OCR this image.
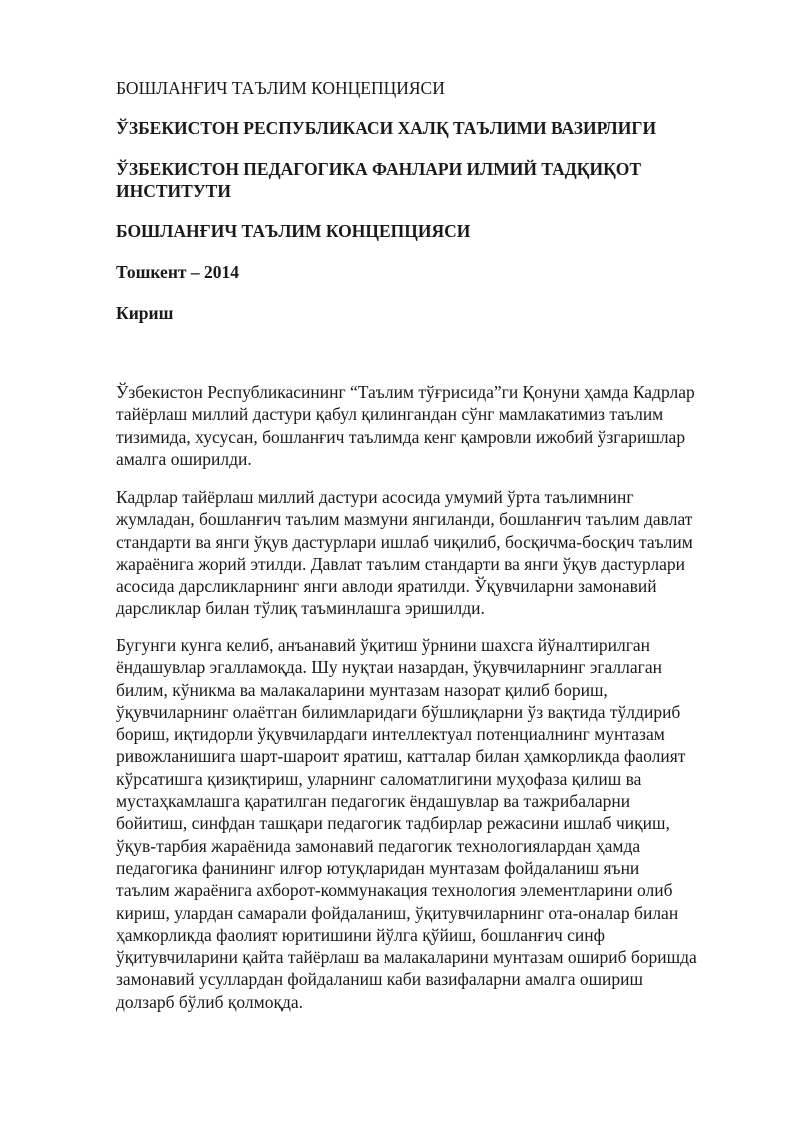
БОШЛАНҒИЧ ТАЪЛИМ КОНЦЕПЦИЯСИ
ЎЗБЕКИСТОН РЕСПУБЛИКАСИ ХАЛҚ ТАЪЛИМИ ВАЗИРЛИГИ
ЎЗБЕКИСТОН ПЕДАГОГИКА ФАНЛАРИ ИЛМИЙ ТАДҚИҚОТ ИНСТИТУТИ
БОШЛАНҒИЧ ТАЪЛИМ КОНЦЕПЦИЯСИ
Тошкент – 2014
Кириш

Ўзбекистон Республикасининг “Таълим тўғрисида”ги Қонуни ҳамда Кадрлар
тайёрлаш миллий дастури қабул қилингандан сўнг мамлакатимиз таълим
тизимида, хусусан, бошланғич таълимда кенг қамровли ижобий ўзгаришлар
амалга оширилди.

Кадрлар тайёрлаш миллий дастури асосида умумий ўрта таълимнинг
жумладан, бошланғич таълим мазмуни янгиланди, бошланғич таълим давлат
стандарти ва янги ўқув дастурлари ишлаб чиқилиб, босқичма-босқич таълим
жараёнига жорий этилди. Давлат таълим стандарти ва янги ўқув дастурлари
асосида дарсликларнинг янги авлоди яратилди. Ўқувчиларни замонавий
дарсликлар билан тўлиқ таъминлашга эришилди.

Бугунги кунга келиб, анъанавий ўқитиш ўрнини шахсга йўналтирилган
ёндашувлар эгалламоқда. Шу нуқтаи назардан, ўқувчиларнинг эгаллаган
билим, кўникма ва малакаларини мунтазам назорат қилиб бориш,
ўқувчиларнинг олаётган билимларидаги бўшлиқларни ўз вақтида тўлдириб
бориш, иқтидорли ўқувчилардаги интеллектуал потенциалнинг мунтазам
ривожланишига шарт-шароит яратиш, катталар билан ҳамкорликда фаолият
кўрсатишга қизиқтириш, уларнинг саломатлигини муҳофаза қилиш ва
мустаҳкамлашга қаратилган педагогик ёндашувлар ва тажрибаларни
бойитиш, синфдан ташқари педагогик тадбирлар режасини ишлаб чиқиш,
ўқув-тарбия жараёнида замонавий педагогик технологиялардан ҳамда
педагогика фанининг илғор ютуқларидан мунтазам фойдаланиш яъни
таълим жараёнига ахборот-коммунакация технология элементларини олиб
кириш, улардан самарали фойдаланиш, ўқитувчиларнинг ота-оналар билан
ҳамкорликда фаолият юритишини йўлга қўйиш, бошланғич синф
ўқитувчиларини қайта тайёрлаш ва малакаларини мунтазам ошириб боришда
замонавий усуллардан фойдаланиш каби вазифаларни амалга ошириш
долзарб бўлиб қолмоқда.
